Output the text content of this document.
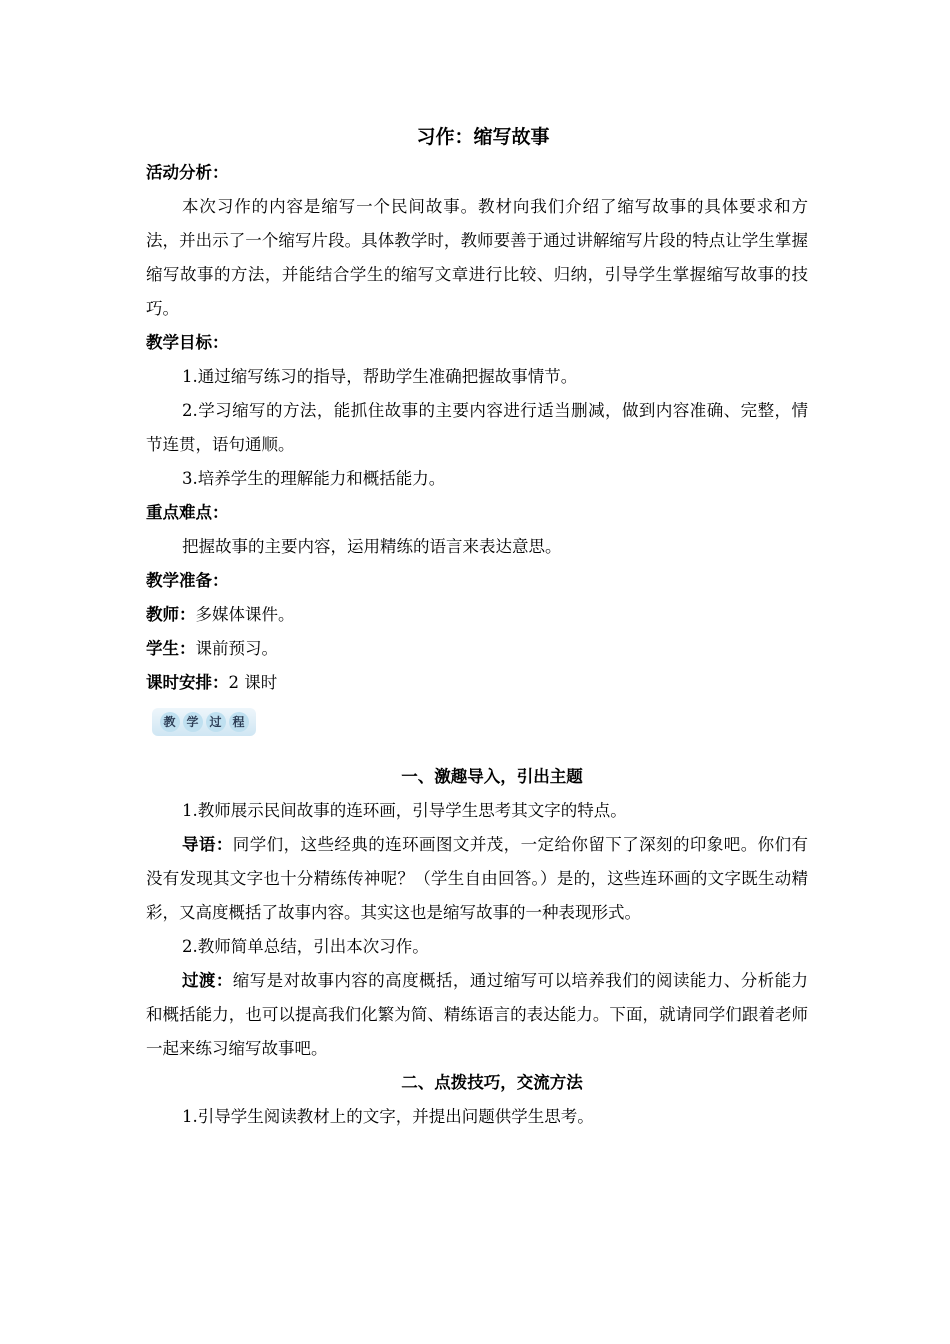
习作：缩写故事

活动分析：

本次习作的内容是缩写一个民间故事。教材向我们介绍了缩写故事的具体要求和方法，并出示了一个缩写片段。具体教学时，教师要善于通过讲解缩写片段的特点让学生掌握缩写故事的方法，并能结合学生的缩写文章进行比较、归纳，引导学生掌握缩写故事的技巧。

教学目标：

1.通过缩写练习的指导，帮助学生准确把握故事情节。

2.学习缩写的方法，能抓住故事的主要内容进行适当删减，做到内容准确、完整，情节连贯，语句通顺。

3.培养学生的理解能力和概括能力。

重点难点：

把握故事的主要内容，运用精练的语言来表达意思。

教学准备：

教师：多媒体课件。

学生：课前预习。

课时安排：2 课时

教 学 过 程

一、激趣导入，引出主题

1.教师展示民间故事的连环画，引导学生思考其文字的特点。

导语：同学们，这些经典的连环画图文并茂，一定给你留下了深刻的印象吧。你们有没有发现其文字也十分精练传神呢？（学生自由回答。）是的，这些连环画的文字既生动精彩，又高度概括了故事内容。其实这也是缩写故事的一种表现形式。

2.教师简单总结，引出本次习作。

过渡：缩写是对故事内容的高度概括，通过缩写可以培养我们的阅读能力、分析能力和概括能力，也可以提高我们化繁为简、精练语言的表达能力。下面，就请同学们跟着老师一起来练习缩写故事吧。

二、点拨技巧，交流方法

1.引导学生阅读教材上的文字，并提出问题供学生思考。
